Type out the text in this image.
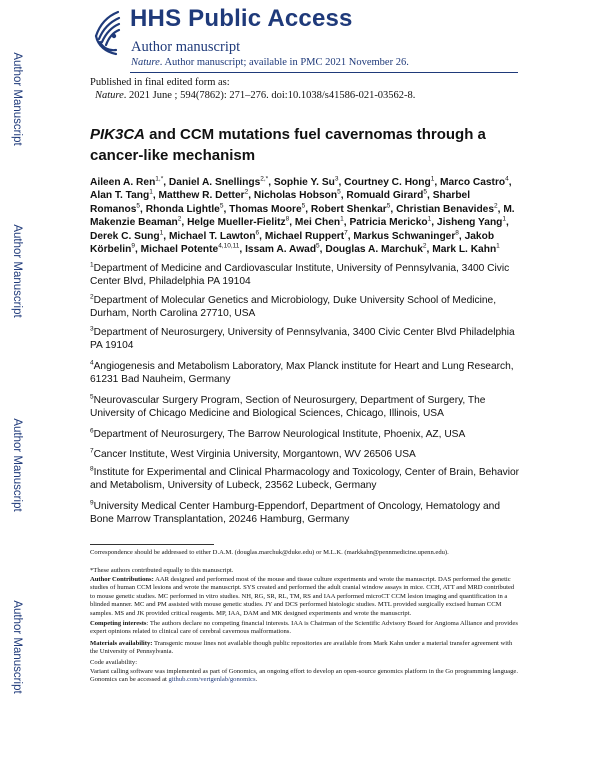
Author Manuscript
Author Manuscript
Author Manuscript
Author Manuscript
HHS Public Access
Author manuscript
Nature. Author manuscript; available in PMC 2021 November 26.
Published in final edited form as:
Nature. 2021 June ; 594(7862): 271–276. doi:10.1038/s41586-021-03562-8.
PIK3CA and CCM mutations fuel cavernomas through a cancer-like mechanism
Aileen A. Ren$^{1,*}$, Daniel A. Snellings$^{2,*}$, Sophie Y. Su$^3$, Courtney C. Hong$^1$, Marco Castro$^4$, Alan T. Tang$^1$, Matthew R. Detter$^2$, Nicholas Hobson$^5$, Romuald Girard$^5$, Sharbel Romanos$^5$, Rhonda Lightle$^5$, Thomas Moore$^5$, Robert Shenkar$^5$, Christian Benavides$^2$, M. Makenzie Beaman$^2$, Helge Mueller-Fielitz$^8$, Mei Chen$^1$, Patricia Mericko$^1$, Jisheng Yang$^1$, Derek C. Sung$^1$, Michael T. Lawton$^6$, Michael Ruppert$^7$, Markus Schwaninger$^8$, Jakob Körbelin$^9$, Michael Potente$^{4,10,11}$, Issam A. Awad$^5$, Douglas A. Marchuk$^2$, Mark L. Kahn$^1$
$^1$Department of Medicine and Cardiovascular Institute, University of Pennsylvania, 3400 Civic Center Blvd, Philadelphia PA 19104
$^2$Department of Molecular Genetics and Microbiology, Duke University School of Medicine, Durham, North Carolina 27710, USA
$^3$Department of Neurosurgery, University of Pennsylvania, 3400 Civic Center Blvd Philadelphia PA 19104
$^4$Angiogenesis and Metabolism Laboratory, Max Planck institute for Heart and Lung Research, 61231 Bad Nauheim, Germany
$^5$Neurovascular Surgery Program, Section of Neurosurgery, Department of Surgery, The University of Chicago Medicine and Biological Sciences, Chicago, Illinois, USA
$^6$Department of Neurosurgery, The Barrow Neurological Institute, Phoenix, AZ, USA
$^7$Cancer Institute, West Virginia University, Morgantown, WV 26506 USA
$^8$Institute for Experimental and Clinical Pharmacology and Toxicology, Center of Brain, Behavior and Metabolism, University of Lubeck, 23562 Lubeck, Germany
$^9$University Medical Center Hamburg-Eppendorf, Department of Oncology, Hematology and Bone Marrow Transplantation, 20246 Hamburg, Germany
Correspondence should be addressed to either D.A.M. (douglas.marchuk@duke.edu) or M.L.K. (markkahn@pennmedicine.upenn.edu).
*These authors contributed equally to this manuscript.
Author Contributions: AAR designed and performed most of the mouse and tissue culture experiments and wrote the manuscript. DAS performed the genetic studies of human CCM lesions and wrote the manuscript. SYS created and performed the adult cranial window assays in mice. CCH, ATT and MRD contributed to mouse genetic studies. MC performed in vitro studies. NH, RG, SR, RL, TM, RS and IAA performed microCT CCM lesion imaging and quantification in a blinded manner. MC and PM assisted with mouse genetic studies. JY and DCS performed histologic studies. MTL provided surgically excised human CCM samples. MS and JK provided critical reagents. MP, IAA, DAM and MK designed experiments and wrote the manuscript.
Competing interests: The authors declare no competing financial interests. IAA is Chairman of the Scientific Advisory Board for Angioma Alliance and provides expert opinions related to clinical care of cerebral cavernous malformations.
Materials availability: Transgenic mouse lines not available though public repositories are available from Mark Kahn under a material transfer agreement with the University of Pennsylvania.
Code availability:
Variant calling software was implemented as part of Gonomics, an ongoing effort to develop an open-source genomics platform in the Go programming language. Gonomics can be accessed at github.com/vertgenlab/gonomics.
